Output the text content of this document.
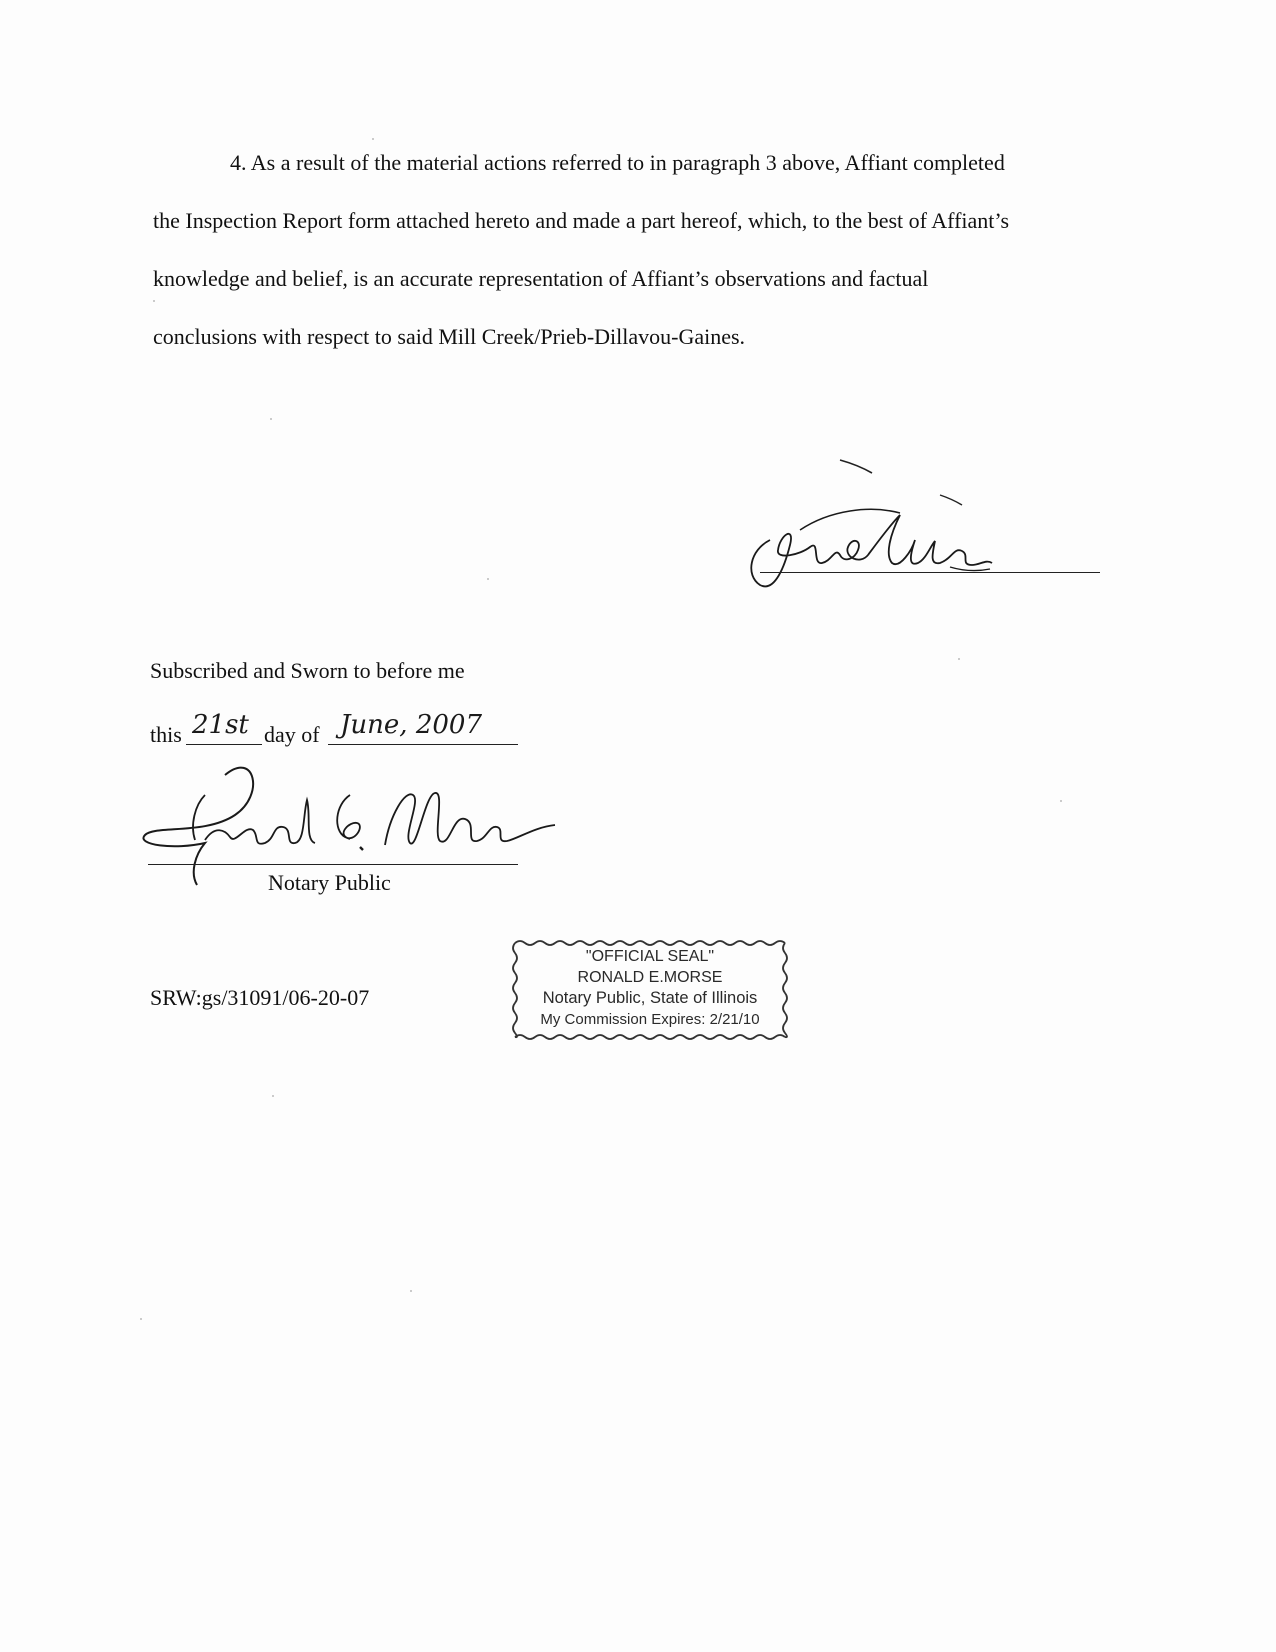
4. As a result of the material actions referred to in paragraph 3 above, Affiant completed
the Inspection Report form attached hereto and made a part hereof, which, to the best of Affiant’s
knowledge and belief, is an accurate representation of Affiant’s observations and factual
conclusions with respect to said Mill Creek/Prieb-Dillavou-Gaines.
Subscribed and Sworn to before me
this 21st day of June, 2007
Notary Public
SRW:gs/31091/06-20-07
"OFFICIAL SEAL"
RONALD E.MORSE
Notary Public, State of Illinois
My Commission Expires: 2/21/10
